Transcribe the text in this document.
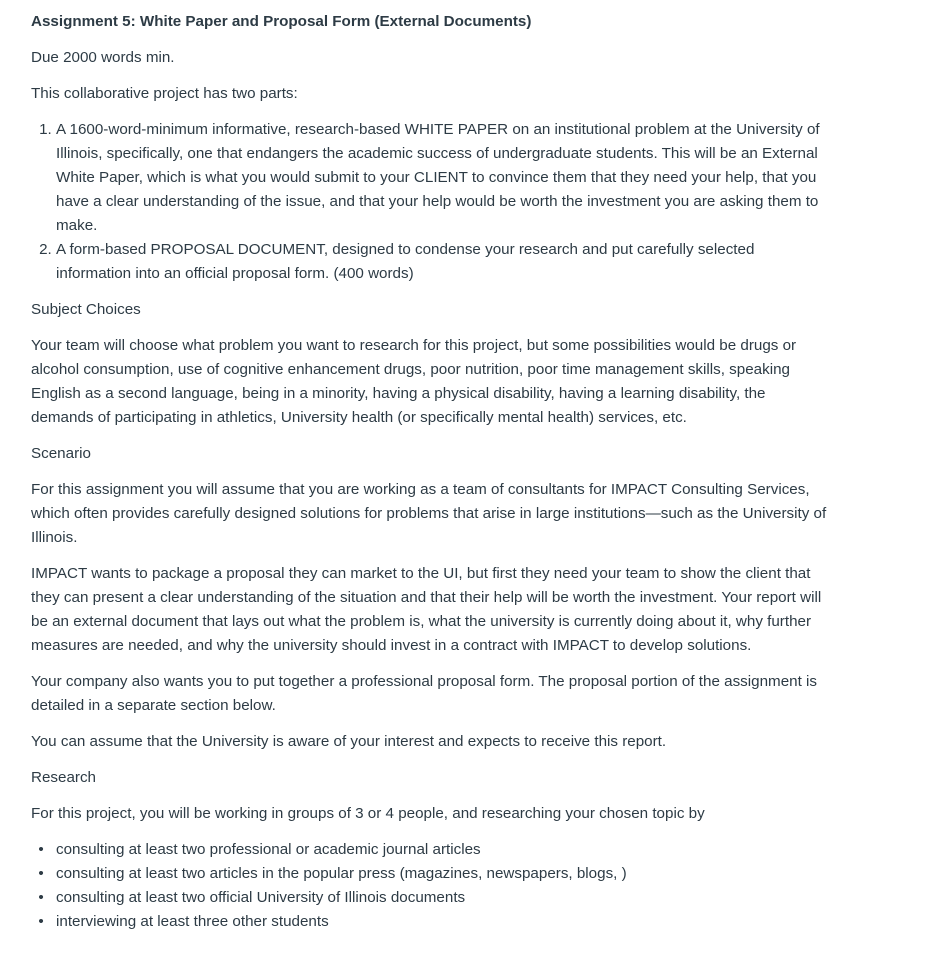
Assignment 5: White Paper and Proposal Form (External Documents)

Due 2000 words min.

This collaborative project has two parts:

1. A 1600-word-minimum informative, research-based WHITE PAPER on an institutional problem at the University of Illinois, specifically, one that endangers the academic success of undergraduate students. This will be an External White Paper, which is what you would submit to your CLIENT to convince them that they need your help, that you have a clear understanding of the issue, and that your help would be worth the investment you are asking them to make.
2. A form-based PROPOSAL DOCUMENT, designed to condense your research and put carefully selected information into an official proposal form. (400 words)

Subject Choices

Your team will choose what problem you want to research for this project, but some possibilities would be drugs or alcohol consumption, use of cognitive enhancement drugs, poor nutrition, poor time management skills, speaking English as a second language, being in a minority, having a physical disability, having a learning disability, the demands of participating in athletics, University health (or specifically mental health) services, etc.

Scenario

For this assignment you will assume that you are working as a team of consultants for IMPACT Consulting Services, which often provides carefully designed solutions for problems that arise in large institutions—such as the University of Illinois.

IMPACT wants to package a proposal they can market to the UI, but first they need your team to show the client that they can present a clear understanding of the situation and that their help will be worth the investment. Your report will be an external document that lays out what the problem is, what the university is currently doing about it, why further measures are needed, and why the university should invest in a contract with IMPACT to develop solutions.

Your company also wants you to put together a professional proposal form. The proposal portion of the assignment is detailed in a separate section below.

You can assume that the University is aware of your interest and expects to receive this report.

Research

For this project, you will be working in groups of 3 or 4 people, and researching your chosen topic by

• consulting at least two professional or academic journal articles
• consulting at least two articles in the popular press (magazines, newspapers, blogs, )
• consulting at least two official University of Illinois documents
• interviewing at least three other students
